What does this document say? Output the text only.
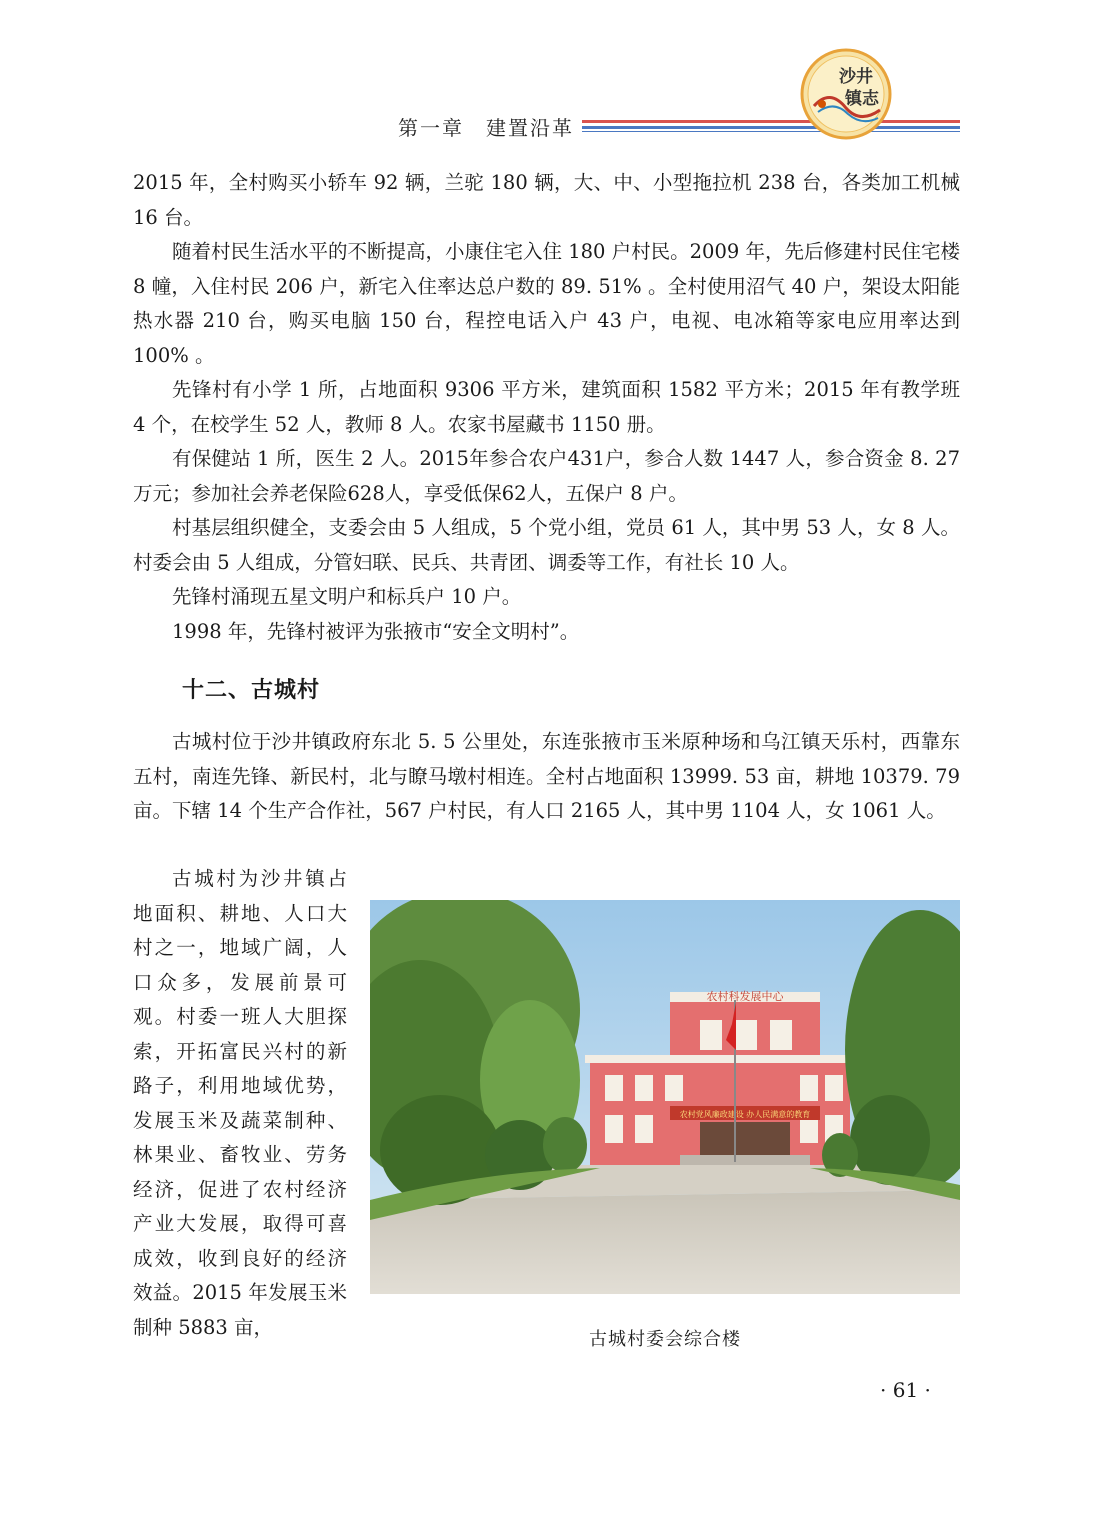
第一章　建置沿革
沙井
镇志

2015 年，全村购买小轿车 92 辆，兰驼 180 辆，大、中、小型拖拉机 238 台，各类加工机械 16 台。

随着村民生活水平的不断提高，小康住宅入住 180 户村民。2009 年，先后修建村民住宅楼 8 幢，入住村民 206 户，新宅入住率达总户数的 89. 51% 。全村使用沼气 40 户，架设太阳能热水器 210 台，购买电脑 150 台，程控电话入户 43 户，电视、电冰箱等家电应用率达到 100% 。

先锋村有小学 1 所，占地面积 9306 平方米，建筑面积 1582 平方米；2015 年有教学班 4 个，在校学生 52 人，教师 8 人。农家书屋藏书 1150 册。

有保健站 1 所，医生 2 人。2015年参合农户431户，参合人数 1447 人，参合资金 8. 27 万元；参加社会养老保险628人，享受低保62人，五保户 8 户。

村基层组织健全，支委会由 5 人组成，5 个党小组，党员 61 人，其中男 53 人，女 8 人。村委会由 5 人组成，分管妇联、民兵、共青团、调委等工作，有社长 10 人。

先锋村涌现五星文明户和标兵户 10 户。

1998 年，先锋村被评为张掖市“安全文明村”。

十二、古城村

古城村位于沙井镇政府东北 5. 5 公里处，东连张掖市玉米原种场和乌江镇天乐村，西靠东五村，南连先锋、新民村，北与瞭马墩村相连。全村占地面积 13999. 53 亩，耕地 10379. 79 亩。下辖 14 个生产合作社，567 户村民，有人口 2165 人，其中男 1104 人，女 1061 人。

古城村为沙井镇占地面积、耕地、人口大村之一，地域广阔，人口众多，发展前景可观。村委一班人大胆探索，开拓富民兴村的新路子，利用地域优势，发展玉米及蔬菜制种、林果业、畜牧业、劳务经济，促进了农村经济产业大发展，取得可喜成效，收到良好的经济效益。2015 年发展玉米制种 5883 亩，

农村科发展中心
农村党风廉政建设 办人民满意的教育
古城村委会综合楼
· 61 ·
